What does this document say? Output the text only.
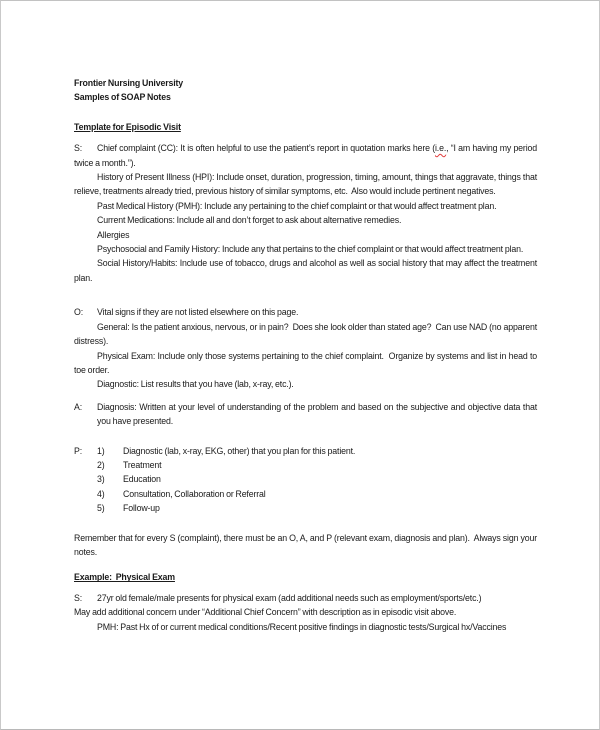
Frontier Nursing University

Samples of SOAP Notes

Template for Episodic Visit

S: Chief complaint (CC): It is often helpful to use the patient’s report in quotation marks here (i.e., “I am having my period twice a month.”).

History of Present Illness (HPI): Include onset, duration, progression, timing, amount, things that aggravate, things that relieve, treatments already tried, previous history of similar symptoms, etc.  Also would include pertinent negatives.

Past Medical History (PMH): Include any pertaining to the chief complaint or that would affect treatment plan.

Current Medications: Include all and don’t forget to ask about alternative remedies.

Allergies

Psychosocial and Family History: Include any that pertains to the chief complaint or that would affect treatment plan.

Social History/Habits: Include use of tobacco, drugs and alcohol as well as social history that may affect the treatment plan.

O: Vital signs if they are not listed elsewhere on this page.

General: Is the patient anxious, nervous, or in pain?  Does she look older than stated age?  Can use NAD (no apparent distress).

Physical Exam: Include only those systems pertaining to the chief complaint.  Organize by systems and list in head to toe order.

Diagnostic: List results that you have (lab, x-ray, etc.).

A: Diagnosis: Written at your level of understanding of the problem and based on the subjective and objective data that you have presented.

P: 1) Diagnostic (lab, x-ray, EKG, other) that you plan for this patient.

2) Treatment

3) Education

4) Consultation, Collaboration or Referral

5) Follow-up

Remember that for every S (complaint), there must be an O, A, and P (relevant exam, diagnosis and plan).  Always sign your notes.

Example:  Physical Exam

S: 27yr old female/male presents for physical exam (add additional needs such as employment/sports/etc.)

May add additional concern under “Additional Chief Concern” with description as in episodic visit above.

PMH: Past Hx of or current medical conditions/Recent positive findings in diagnostic tests/Surgical hx/Vaccines
